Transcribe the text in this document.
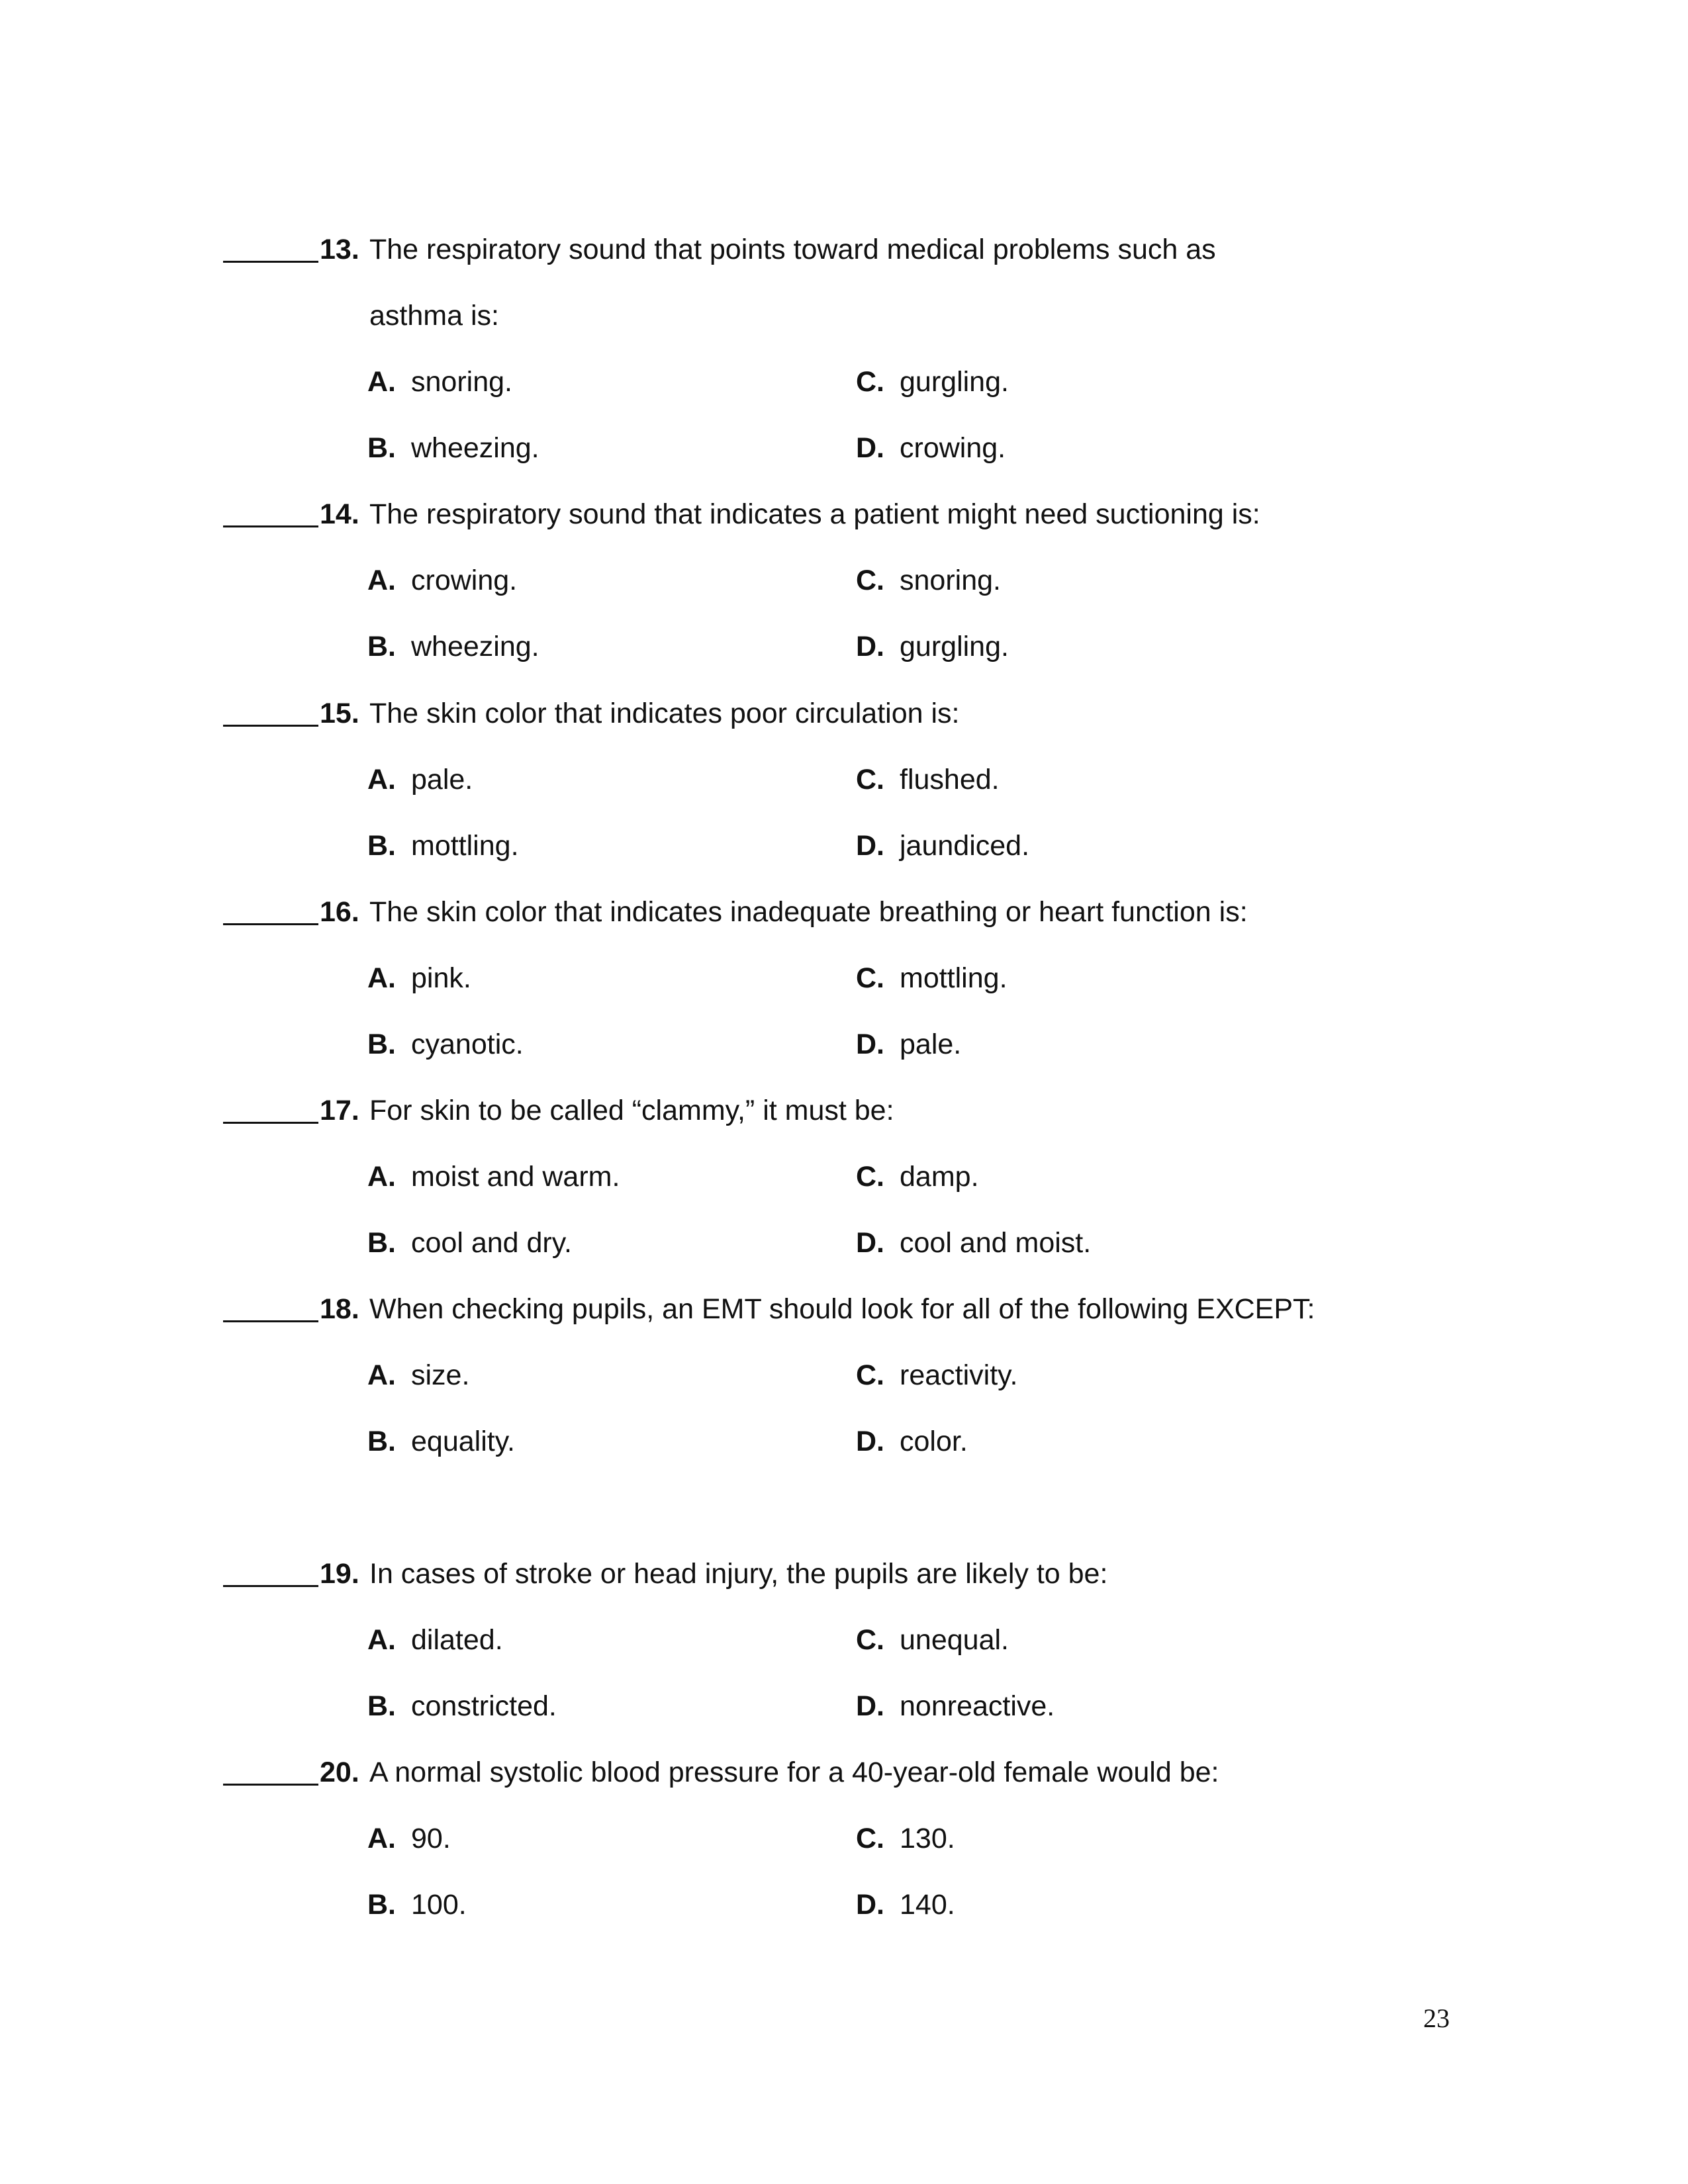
13. The respiratory sound that points toward medical problems such as
asthma is:
A. snoring.	C. gurgling.
B. wheezing.	D. crowing.
14. The respiratory sound that indicates a patient might need suctioning is:
A. crowing.	C. snoring.
B. wheezing.	D. gurgling.
15. The skin color that indicates poor circulation is:
A. pale.	C. flushed.
B. mottling.	D. jaundiced.
16. The skin color that indicates inadequate breathing or heart function is:
A. pink.	C. mottling.
B. cyanotic.	D. pale.
17. For skin to be called “clammy,” it must be:
A. moist and warm.	C. damp.
B. cool and dry.	D. cool and moist.
18. When checking pupils, an EMT should look for all of the following EXCEPT:
A. size.	C. reactivity.
B. equality.	D. color.
19. In cases of stroke or head injury, the pupils are likely to be:
A. dilated.	C. unequal.
B. constricted.	D. nonreactive.
20. A normal systolic blood pressure for a 40-year-old female would be:
A. 90.	C. 130.
B. 100.	D. 140.
23
